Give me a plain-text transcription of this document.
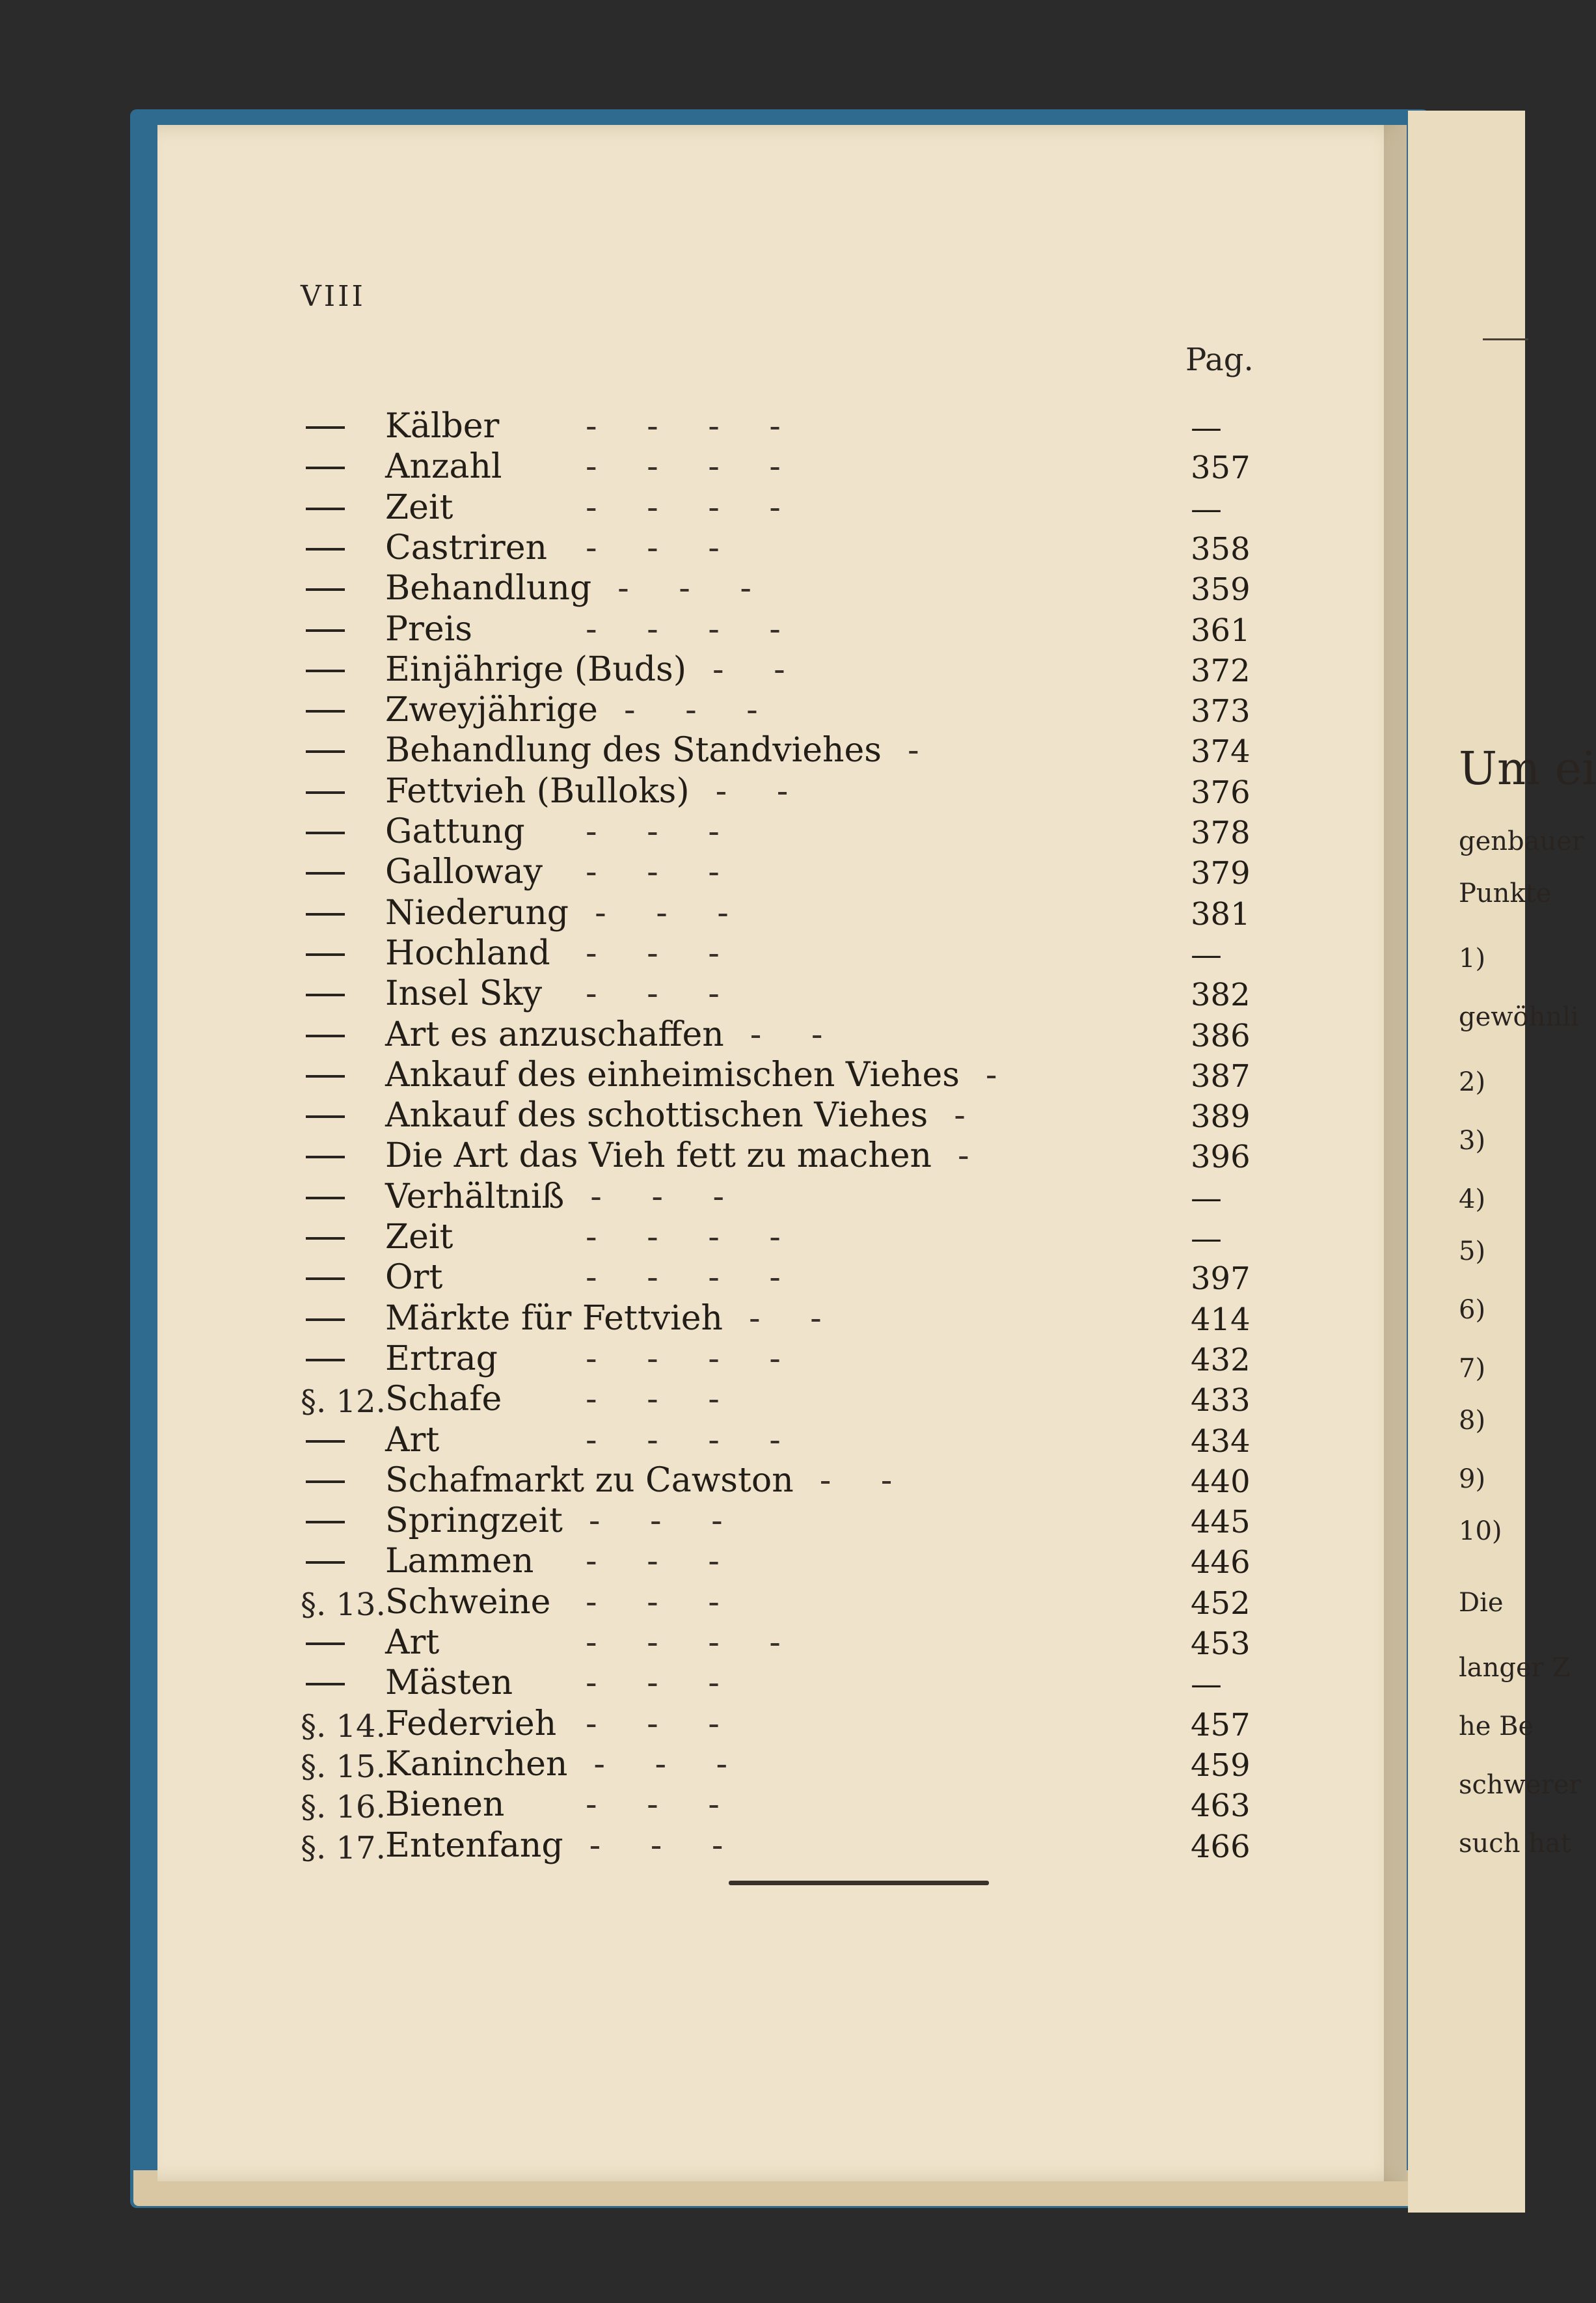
VIII
Pag.
Kälber	- - - -	—
Anzahl - - - -	357
Zeit	- - - -	—
Castriren - - -	358
Behandlung - - -	359
Preis	- - - -	361
Einjährige (Buds) - -	372
Zweyjährige - - -	373
Behandlung des Standviehes -	374
Fettvieh (Bulloks) - -	376
Gattung - - -	378
Galloway - - -	379
Niederung - - -	381
Hochland - - -	—
Insel Sky - - -	382
Art es anzuschaffen - -	386
Ankauf des einheimischen Viehes -	387
Ankauf des schottischen Viehes -	389
Die Art das Vieh fett zu machen -	396
Verhältniß - - -	—
Zeit	- - - -	—
Ort	- - - -	397
Märkte für Fettvieh - -	414
Ertrag	- - - -	432
§. 12. Schafe - - -	433
Art	- - - -	434
Schafmarkt zu Cawston - -	440
Springzeit - - -	445
Lammen - - -	446
§. 13. Schweine - - -	452
Art	- - - -	453
Mästen - - -	—
§. 14. Federvieh - - -	457
§. 15. Kaninchen - - -	459
§. 16. Bienen - - -	463
§. 17. Entenfang - - -	466
Um ei
genbauer
Punkte
1)
gewöhnli
2)
3)
4)
5)
6)
7)
8)
9)
10)
Die
langer Z
he Be
schwerer
such hat
